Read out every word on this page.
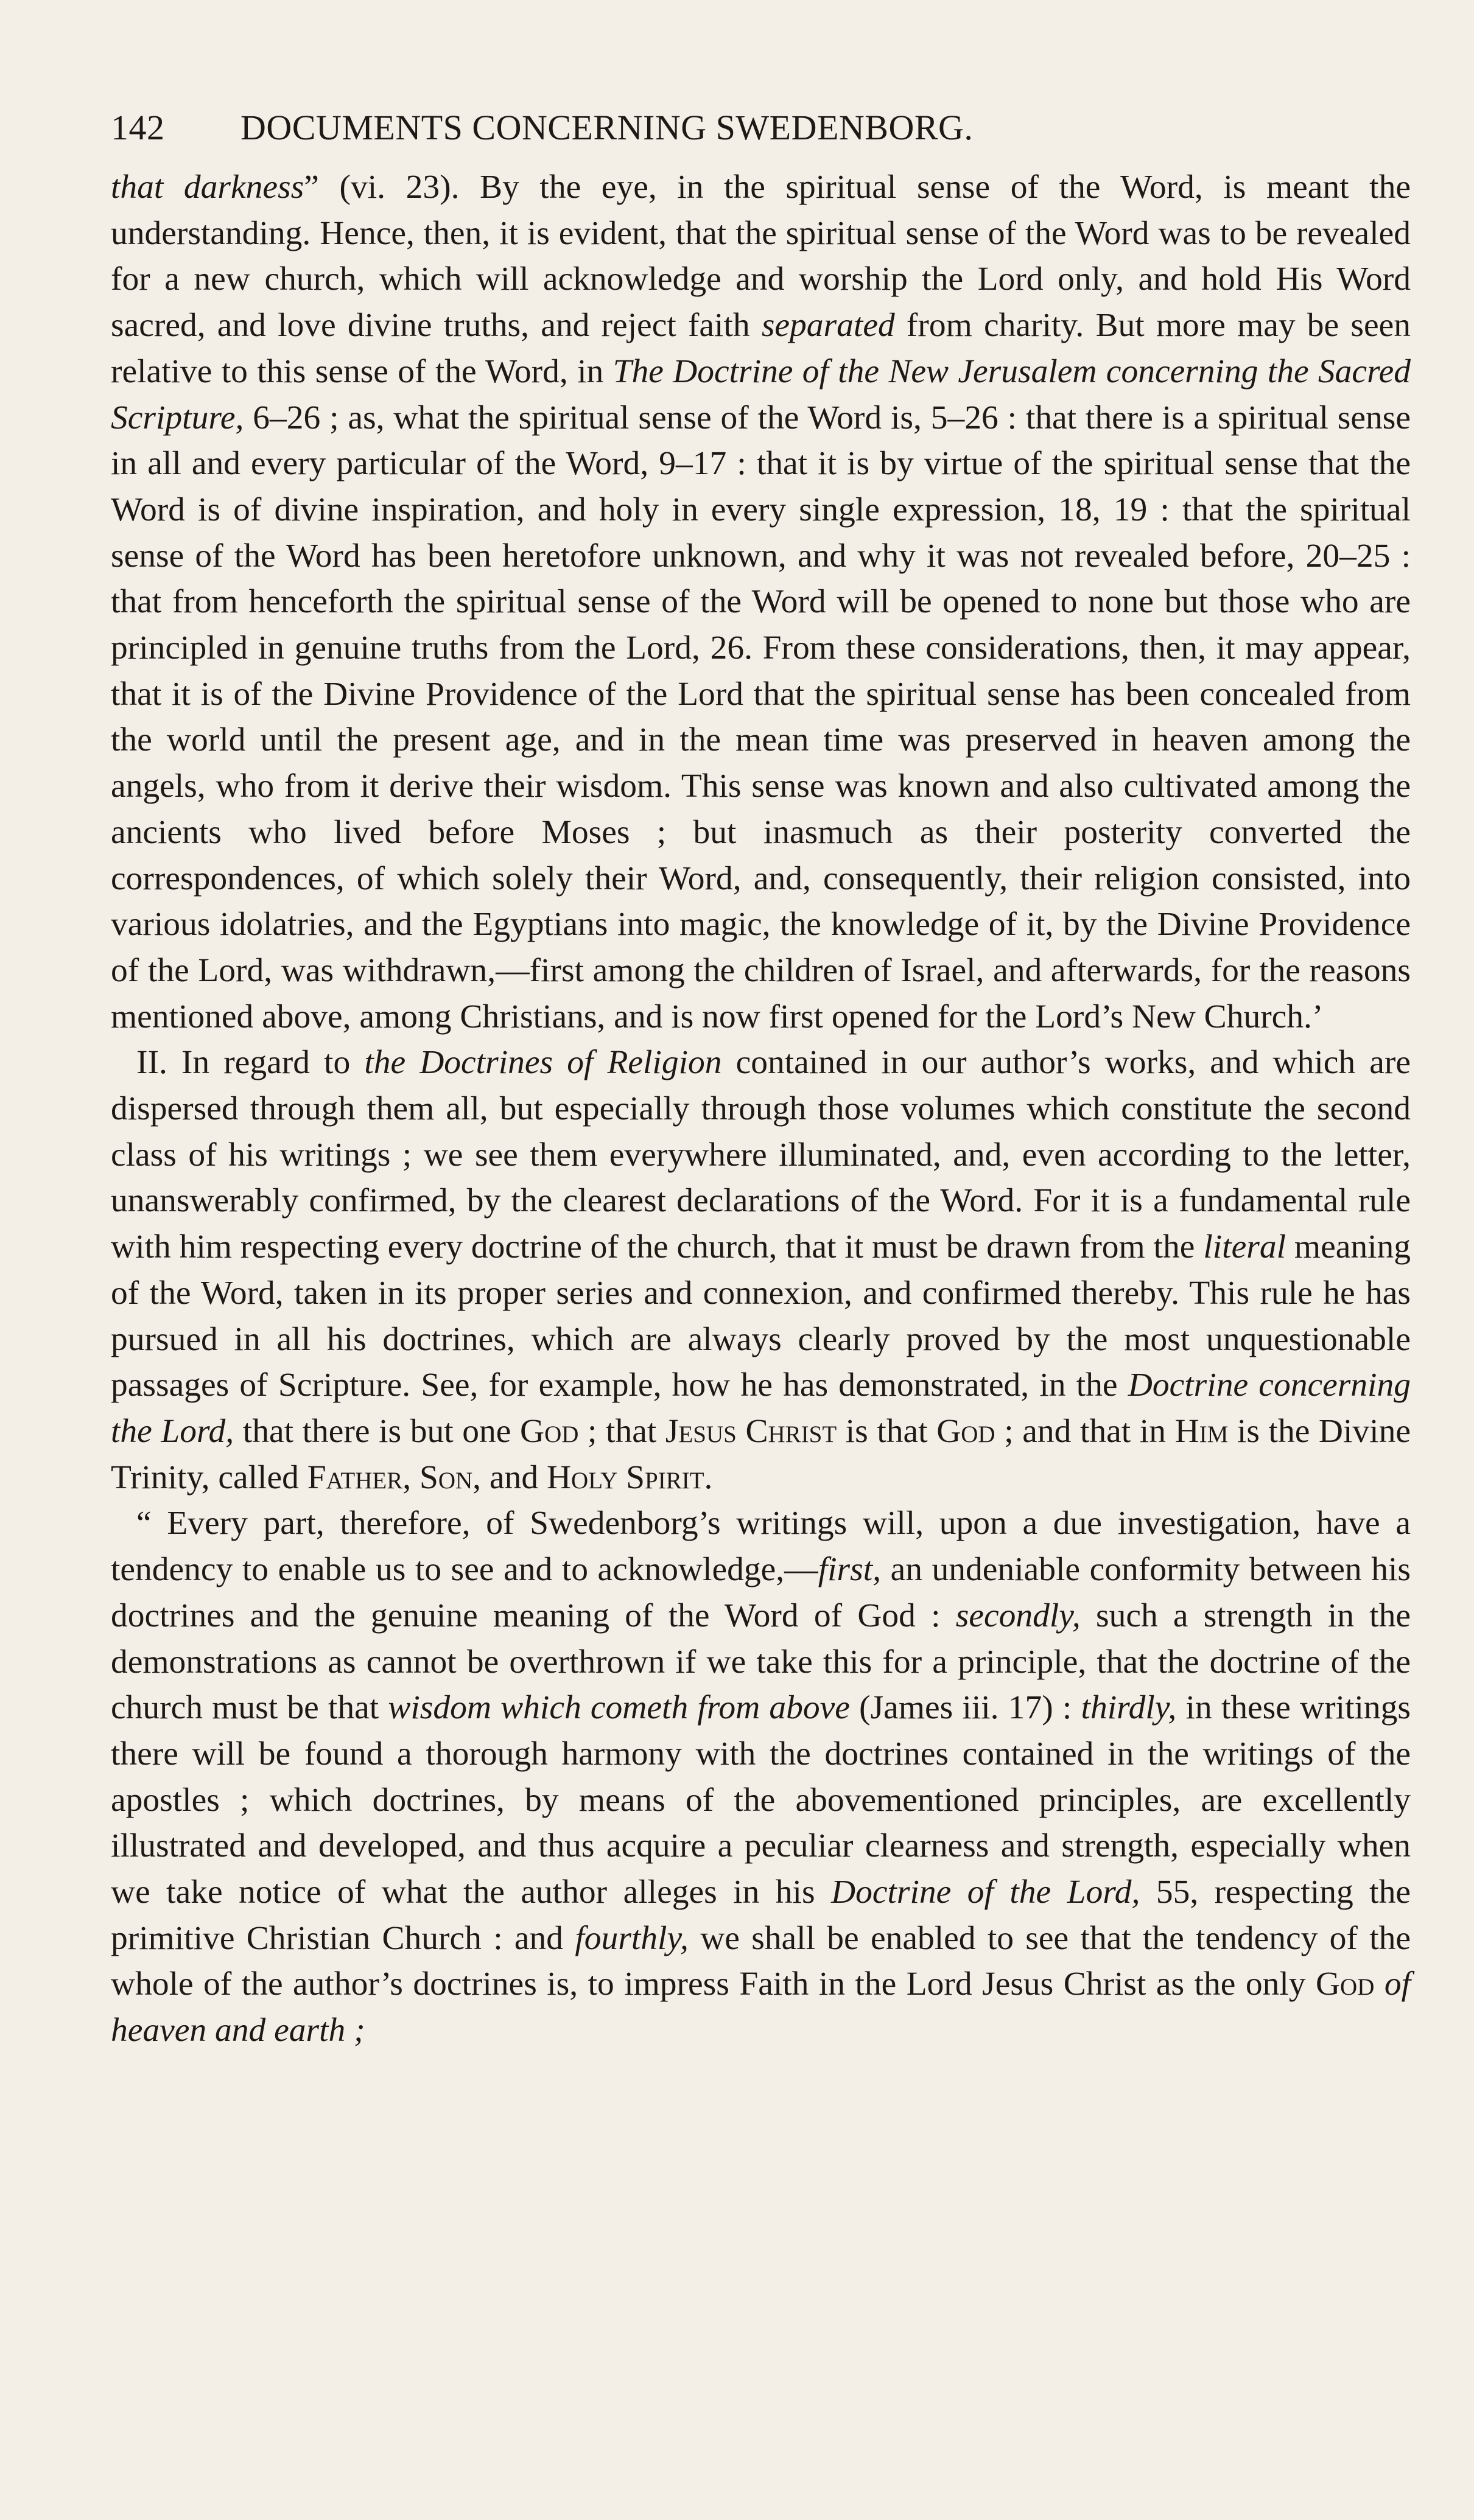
142	DOCUMENTS CONCERNING SWEDENBORG.

that darkness” (vi. 23). By the eye, in the spiritual sense of the Word, is meant the understanding. Hence, then, it is evident, that the spiritual sense of the Word was to be revealed for a new church, which will acknowledge and worship the Lord only, and hold His Word sacred, and love divine truths, and reject faith separated from charity. But more may be seen relative to this sense of the Word, in The Doctrine of the New Jerusalem concerning the Sacred Scripture, 6–26 ; as, what the spiritual sense of the Word is, 5–26 : that there is a spiritual sense in all and every particular of the Word, 9–17 : that it is by virtue of the spiritual sense that the Word is of divine inspiration, and holy in every single expression, 18, 19 : that the spiritual sense of the Word has been heretofore unknown, and why it was not revealed before, 20–25 : that from henceforth the spiritual sense of the Word will be opened to none but those who are principled in genuine truths from the Lord, 26. From these considerations, then, it may appear, that it is of the Divine Providence of the Lord that the spiritual sense has been concealed from the world until the present age, and in the mean time was preserved in heaven among the angels, who from it derive their wisdom. This sense was known and also cultivated among the ancients who lived before Moses ; but inasmuch as their posterity converted the correspondences, of which solely their Word, and, consequently, their religion consisted, into various idolatries, and the Egyptians into magic, the knowledge of it, by the Divine Providence of the Lord, was withdrawn,—first among the children of Israel, and afterwards, for the reasons mentioned above, among Christians, and is now first opened for the Lord’s New Church.’

II. In regard to the Doctrines of Religion contained in our author’s works, and which are dispersed through them all, but especially through those volumes which constitute the second class of his writings ; we see them everywhere illuminated, and, even according to the letter, unanswerably confirmed, by the clearest declarations of the Word. For it is a fundamental rule with him respecting every doctrine of the church, that it must be drawn from the literal meaning of the Word, taken in its proper series and connexion, and confirmed thereby. This rule he has pursued in all his doctrines, which are always clearly proved by the most unquestionable passages of Scripture. See, for example, how he has demonstrated, in the Doctrine concerning the Lord, that there is but one God ; that Jesus Christ is that God ; and that in Him is the Divine Trinity, called Father, Son, and Holy Spirit.

“ Every part, therefore, of Swedenborg’s writings will, upon a due investigation, have a tendency to enable us to see and to acknowledge,—first, an undeniable conformity between his doctrines and the genuine meaning of the Word of God : secondly, such a strength in the demonstrations as cannot be overthrown if we take this for a principle, that the doctrine of the church must be that wisdom which cometh from above (James iii. 17) : thirdly, in these writings there will be found a thorough harmony with the doctrines contained in the writings of the apostles ; which doctrines, by means of the abovementioned principles, are excellently illustrated and developed, and thus acquire a peculiar clearness and strength, especially when we take notice of what the author alleges in his Doctrine of the Lord, 55, respecting the primitive Christian Church : and fourthly, we shall be enabled to see that the tendency of the whole of the author’s doctrines is, to impress Faith in the Lord Jesus Christ as the only God of heaven and earth ;
